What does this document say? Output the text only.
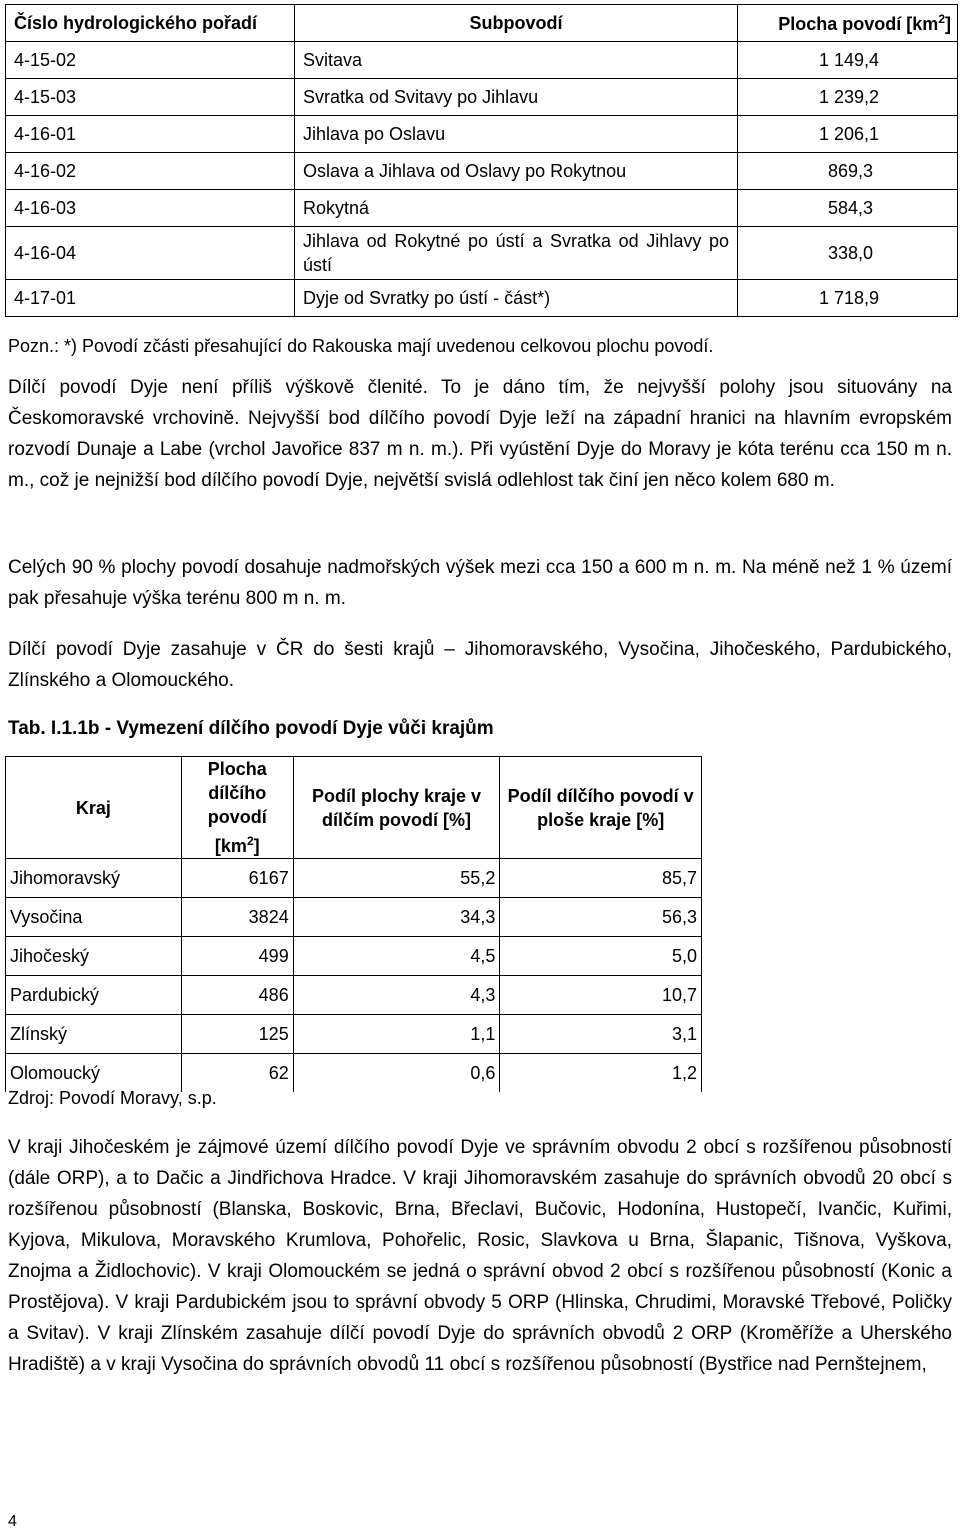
Číslo hydrologického pořadí	Subpovodí	Plocha povodí $[km^2]$
4-15-02	Svitava	1 149,4
4-15-03	Svratka od Svitavy po Jihlavu	1 239,2
4-16-01	Jihlava po Oslavu	1 206,1
4-16-02	Oslava a Jihlava od Oslavy po Rokytnou	869,3
4-16-03	Rokytná	584,3
4-16-04	Jihlava od Rokytné po ústí a Svratka od Jihlavy po ústí	338,0
4-17-01	Dyje od Svratky po ústí - část*)	1 718,9
Pozn.: *) Povodí zčásti přesahující do Rakouska mají uvedenou celkovou plochu povodí.

Dílčí povodí Dyje není příliš výškově členité. To je dáno tím, že nejvyšší polohy jsou situovány na Českomoravské vrchovině. Nejvyšší bod dílčího povodí Dyje leží na západní hranici na hlavním evropském rozvodí Dunaje a Labe (vrchol Javořice 837 m n. m.). Při vyústění Dyje do Moravy je kóta terénu cca 150 m n. m., což je nejnižší bod dílčího povodí Dyje, největší svislá odlehlost tak činí jen něco kolem 680 m.

Celých 90 % plochy povodí dosahuje nadmořských výšek mezi cca 150 a 600 m n. m. Na méně než 1 % území pak přesahuje výška terénu 800 m n. m.

Dílčí povodí Dyje zasahuje v ČR do šesti krajů – Jihomoravského, Vysočina, Jihočeského, Pardubického, Zlínského a Olomouckého.

Tab. I.1.1b - Vymezení dílčího povodí Dyje vůči krajům
Kraj	Plocha dílčího povodí $[km^2]$	Podíl plochy kraje v dílčím povodí [%]	Podíl dílčího povodí v ploše kraje [%]
Jihomoravský	6167	55,2	85,7
Vysočina	3824	34,3	56,3
Jihočeský	499	4,5	5,0
Pardubický	486	4,3	10,7
Zlínský	125	1,1	3,1
Olomoucký	62	0,6	1,2
Zdroj: Povodí Moravy, s.p.

V kraji Jihočeském je zájmové území dílčího povodí Dyje ve správním obvodu 2 obcí s rozšířenou působností (dále ORP), a to Dačic a Jindřichova Hradce. V kraji Jihomoravském zasahuje do správních obvodů 20 obcí s rozšířenou působností (Blanska, Boskovic, Brna, Břeclavi, Bučovic, Hodonína, Hustopečí, Ivančic, Kuřimi, Kyjova, Mikulova, Moravského Krumlova, Pohořelic, Rosic, Slavkova u Brna, Šlapanic, Tišnova, Vyškova, Znojma a Židlochovic). V kraji Olomouckém se jedná o správní obvod 2 obcí s rozšířenou působností (Konic a Prostějova). V kraji Pardubickém jsou to správní obvody 5 ORP (Hlinska, Chrudimi, Moravské Třebové, Poličky a Svitav). V kraji Zlínském zasahuje dílčí povodí Dyje do správních obvodů 2 ORP (Kroměříže a Uherského Hradiště) a v kraji Vysočina do správních obvodů 11 obcí s rozšířenou působností (Bystřice nad Pernštejnem,

4
